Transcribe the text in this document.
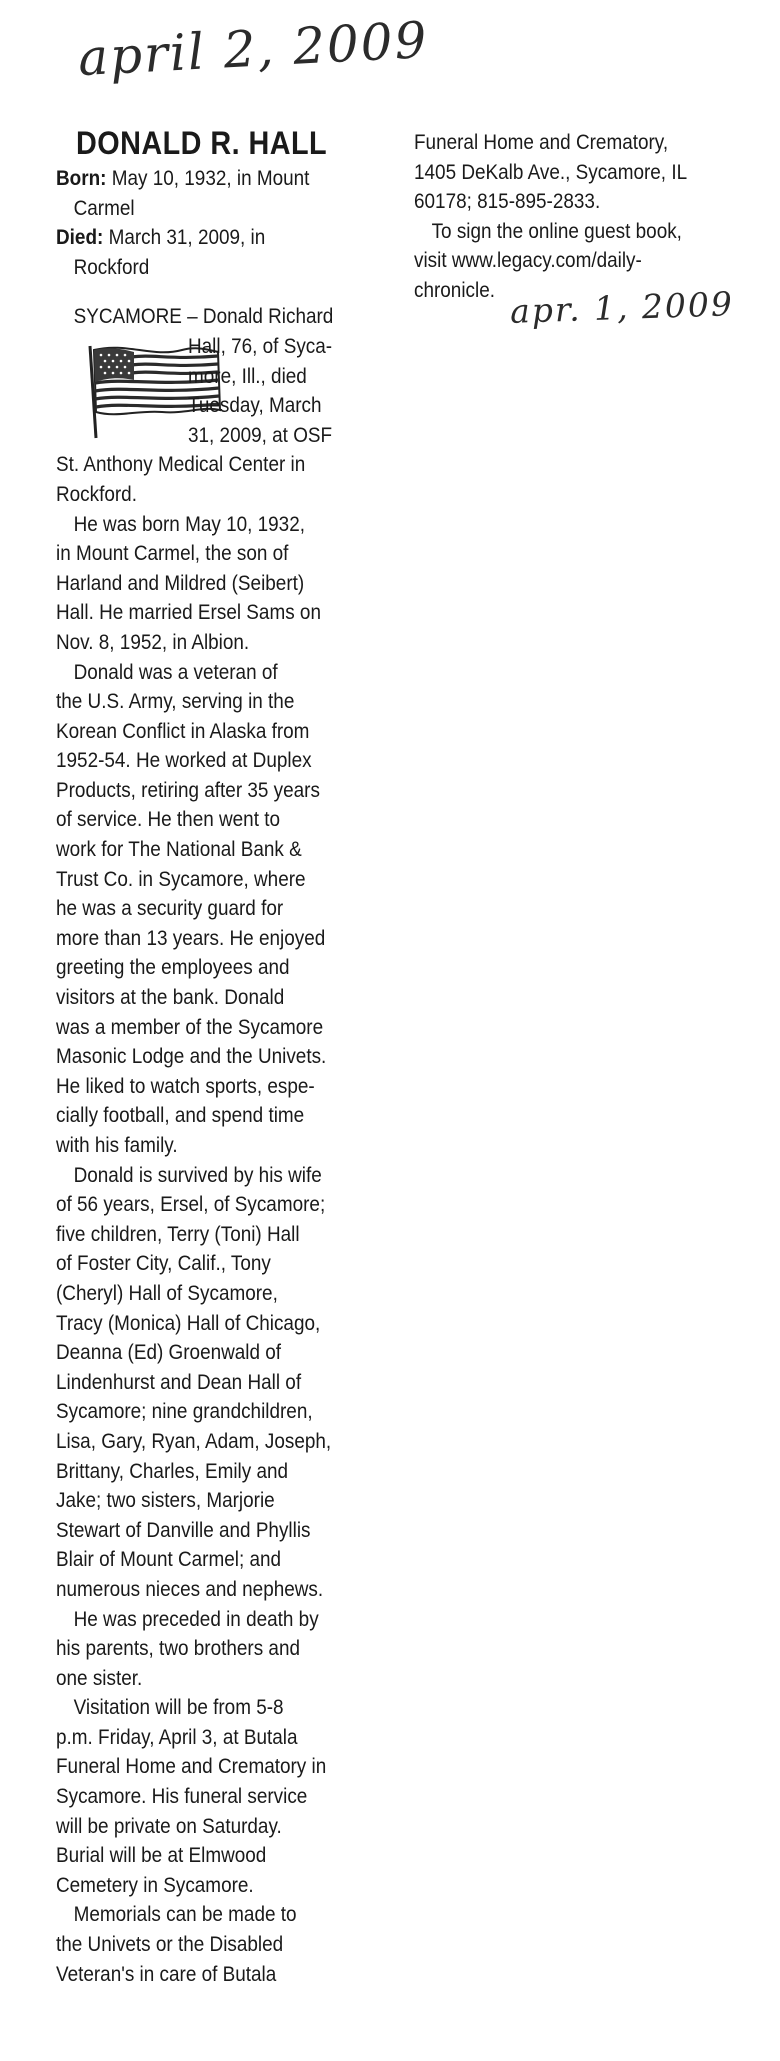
april 2, 2009
DONALD R. HALL
Born: May 10, 1932, in Mount
Carmel
Died: March 31, 2009, in
Rockford
SYCAMORE – Donald Richard
Hall, 76, of Syca-
more, Ill., died
Tuesday, March
31, 2009, at OSF

St. Anthony Medical Center in

Rockford.

He was born May 10, 1932,

in Mount Carmel, the son of

Harland and Mildred (Seibert)

Hall. He married Ersel Sams on

Nov. 8, 1952, in Albion.

Donald was a veteran of

the U.S. Army, serving in the

Korean Conflict in Alaska from

1952-54. He worked at Duplex

Products, retiring after 35 years

of service. He then went to

work for The National Bank &

Trust Co. in Sycamore, where

he was a security guard for

more than 13 years. He enjoyed

greeting the employees and

visitors at the bank. Donald

was a member of the Sycamore

Masonic Lodge and the Univets.

He liked to watch sports, espe-

cially football, and spend time

with his family.

Donald is survived by his wife

of 56 years, Ersel, of Sycamore;

five children, Terry (Toni) Hall

of Foster City, Calif., Tony

(Cheryl) Hall of Sycamore,

Tracy (Monica) Hall of Chicago,

Deanna (Ed) Groenwald of

Lindenhurst and Dean Hall of

Sycamore; nine grandchildren,

Lisa, Gary, Ryan, Adam, Joseph,

Brittany, Charles, Emily and

Jake; two sisters, Marjorie

Stewart of Danville and Phyllis

Blair of Mount Carmel; and

numerous nieces and nephews.

He was preceded in death by

his parents, two brothers and

one sister.

Visitation will be from 5-8

p.m. Friday, April 3, at Butala

Funeral Home and Crematory in

Sycamore. His funeral service

will be private on Saturday.

Burial will be at Elmwood

Cemetery in Sycamore.

Memorials can be made to

the Univets or the Disabled

Veteran's in care of Butala

Funeral Home and Crematory,

1405 DeKalb Ave., Sycamore, IL

60178; 815-895-2833.

To sign the online guest book,

visit www.legacy.com/daily-

chronicle. apr. 1, 2009
